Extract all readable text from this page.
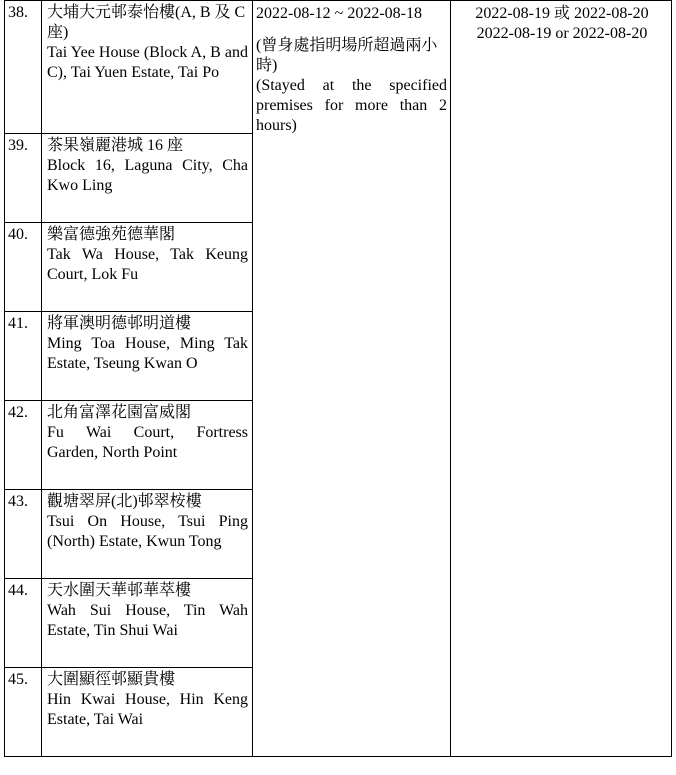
38.	大埔大元邨泰怡樓(A, B 及 C 座)
Tai Yee House (Block A, B and C), Tai Yuen Estate, Tai Po	2022-08-12 ~ 2022-08-18
(曾身處指明場所超過兩小時)
(Stayed at the specified premises for more than 2 hours)	2022-08-19 或 2022-08-20
2022-08-19 or 2022-08-20

39.	茶果嶺麗港城 16 座
Block 16, Laguna City, Cha Kwo Ling		

40.	樂富德強苑德華閣
Tak Wa House, Tak Keung Court, Lok Fu		

41.	將軍澳明德邨明道樓
Ming Toa House, Ming Tak Estate, Tseung Kwan O		

42.	北角富澤花園富威閣
Fu Wai Court, Fortress Garden, North Point		

43.	觀塘翠屏(北)邨翠桉樓
Tsui On House, Tsui Ping (North) Estate, Kwun Tong		

44.	天水圍天華邨華萃樓
Wah Sui House, Tin Wah Estate, Tin Shui Wai		

45.	大圍顯徑邨顯貴樓
Hin Kwai House, Hin Keng Estate, Tai Wai		
